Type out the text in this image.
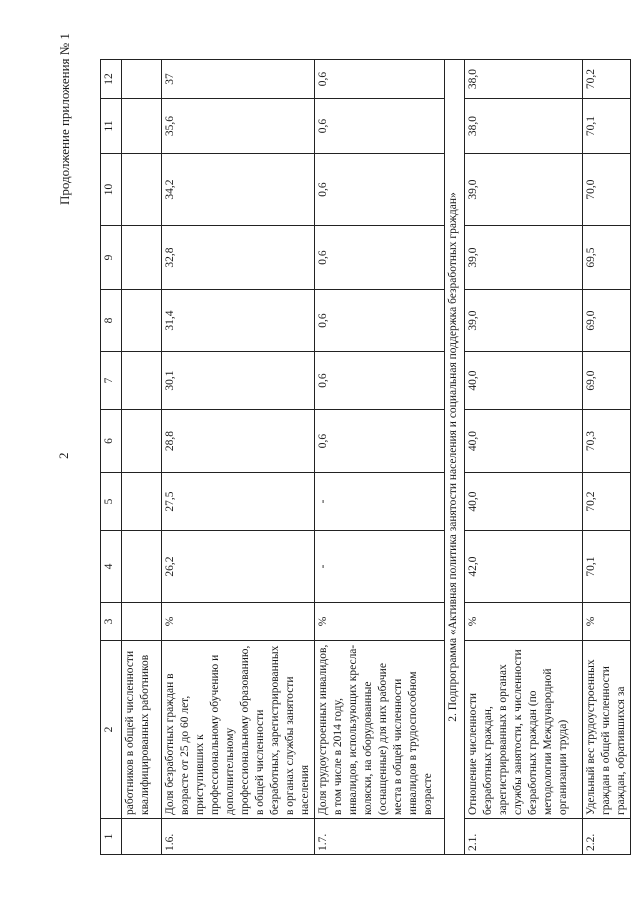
Продолжение приложения № 1
2
1	2	3	4	5	6	7	8	9	10	11	12
	работников в общей численности квалифицированных работников										
1.6.	Доля безработных граждан в возрасте от 25 до 60 лет, приступивших к профессиональному обучению и дополнительному профессиональному образованию, в общей численности безработных, зарегистрированных в органах службы занятости населения	%	26,2	27,5	28,8	30,1	31,4	32,8	34,2	35,6	37
1.7.	Доля трудоустроенных инвалидов, в том числе в 2014 году, инвалидов, использующих кресла-коляски, на оборудованные (оснащенные) для них рабочие места в общей численности инвалидов в трудоспособном возрасте	%	-	-	0,6	0,6	0,6	0,6	0,6	0,6	0,6
2. Подпрограмма «Активная политика занятости населения и социальная поддержка безработных граждан»											
2.1.	Отношение численности безработных граждан, зарегистрированных в органах службы занятости, к численности безработных граждан (по методологии Международной организации труда)	%	42,0	40,0	40,0	40,0	39,0	39,0	39,0	38,0	38,0
2.2.	Удельный вес трудоустроенных граждан в общей численности граждан, обратившихся за	%	70,1	70,2	70,3	69,0	69,0	69,5	70,0	70,1	70,2
